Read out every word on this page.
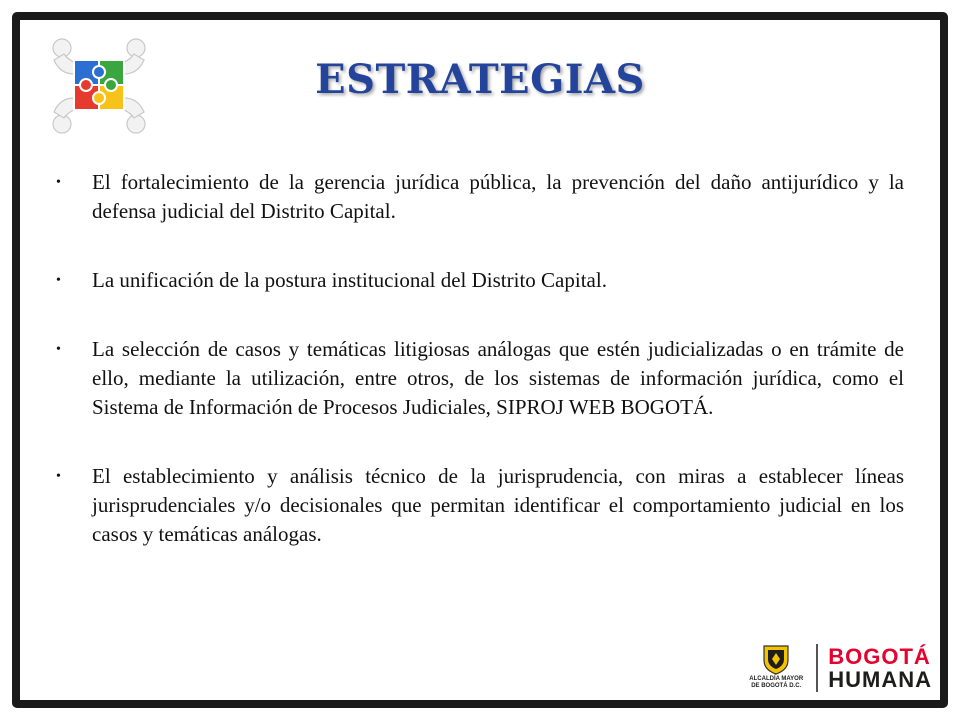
ESTRATEGIAS
• El fortalecimiento de la gerencia jurídica pública, la prevención del daño antijurídico y la defensa judicial del Distrito Capital.
• La unificación de la postura institucional del Distrito Capital.
• La selección de casos y temáticas litigiosas análogas que estén judicializadas o en trámite de ello, mediante la utilización, entre otros, de los sistemas de información jurídica, como el Sistema de Información de Procesos Judiciales, SIPROJ WEB BOGOTÁ.
• El establecimiento y análisis técnico de la jurisprudencia, con miras a establecer líneas jurisprudenciales y/o decisionales que permitan identificar el comportamiento judicial en los casos y temáticas análogas.
ALCALDÍA MAYOR DE BOGOTÁ D.C.
BOGOTÁ
HUMANA
